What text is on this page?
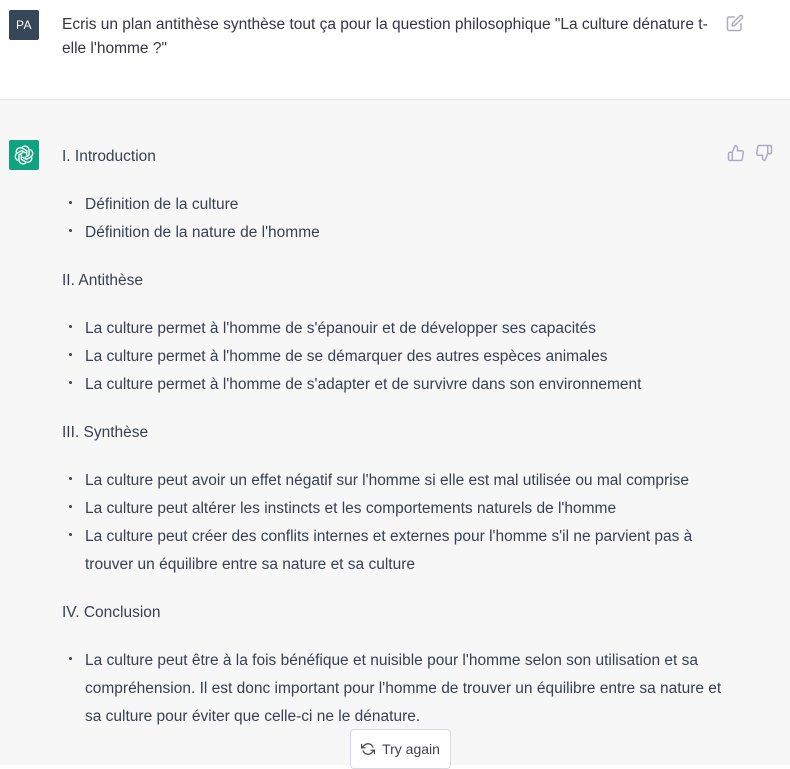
PA	Ecris un plan antithèse synthèse tout ça pour la question philosophique "La culture dénature t-elle l'homme ?"

I. Introduction

Définition de la culture
Définition de la nature de l'homme

II. Antithèse

La culture permet à l'homme de s'épanouir et de développer ses capacités
La culture permet à l'homme de se démarquer des autres espèces animales
La culture permet à l'homme de s'adapter et de survivre dans son environnement

III. Synthèse

La culture peut avoir un effet négatif sur l'homme si elle est mal utilisée ou mal comprise
La culture peut altérer les instincts et les comportements naturels de l'homme
La culture peut créer des conflits internes et externes pour l'homme s'il ne parvient pas à trouver un équilibre entre sa nature et sa culture

IV. Conclusion

La culture peut être à la fois bénéfique et nuisible pour l'homme selon son utilisation et sa compréhension. Il est donc important pour l'homme de trouver un équilibre entre sa nature et sa culture pour éviter que celle-ci ne le dénature.
Try again
